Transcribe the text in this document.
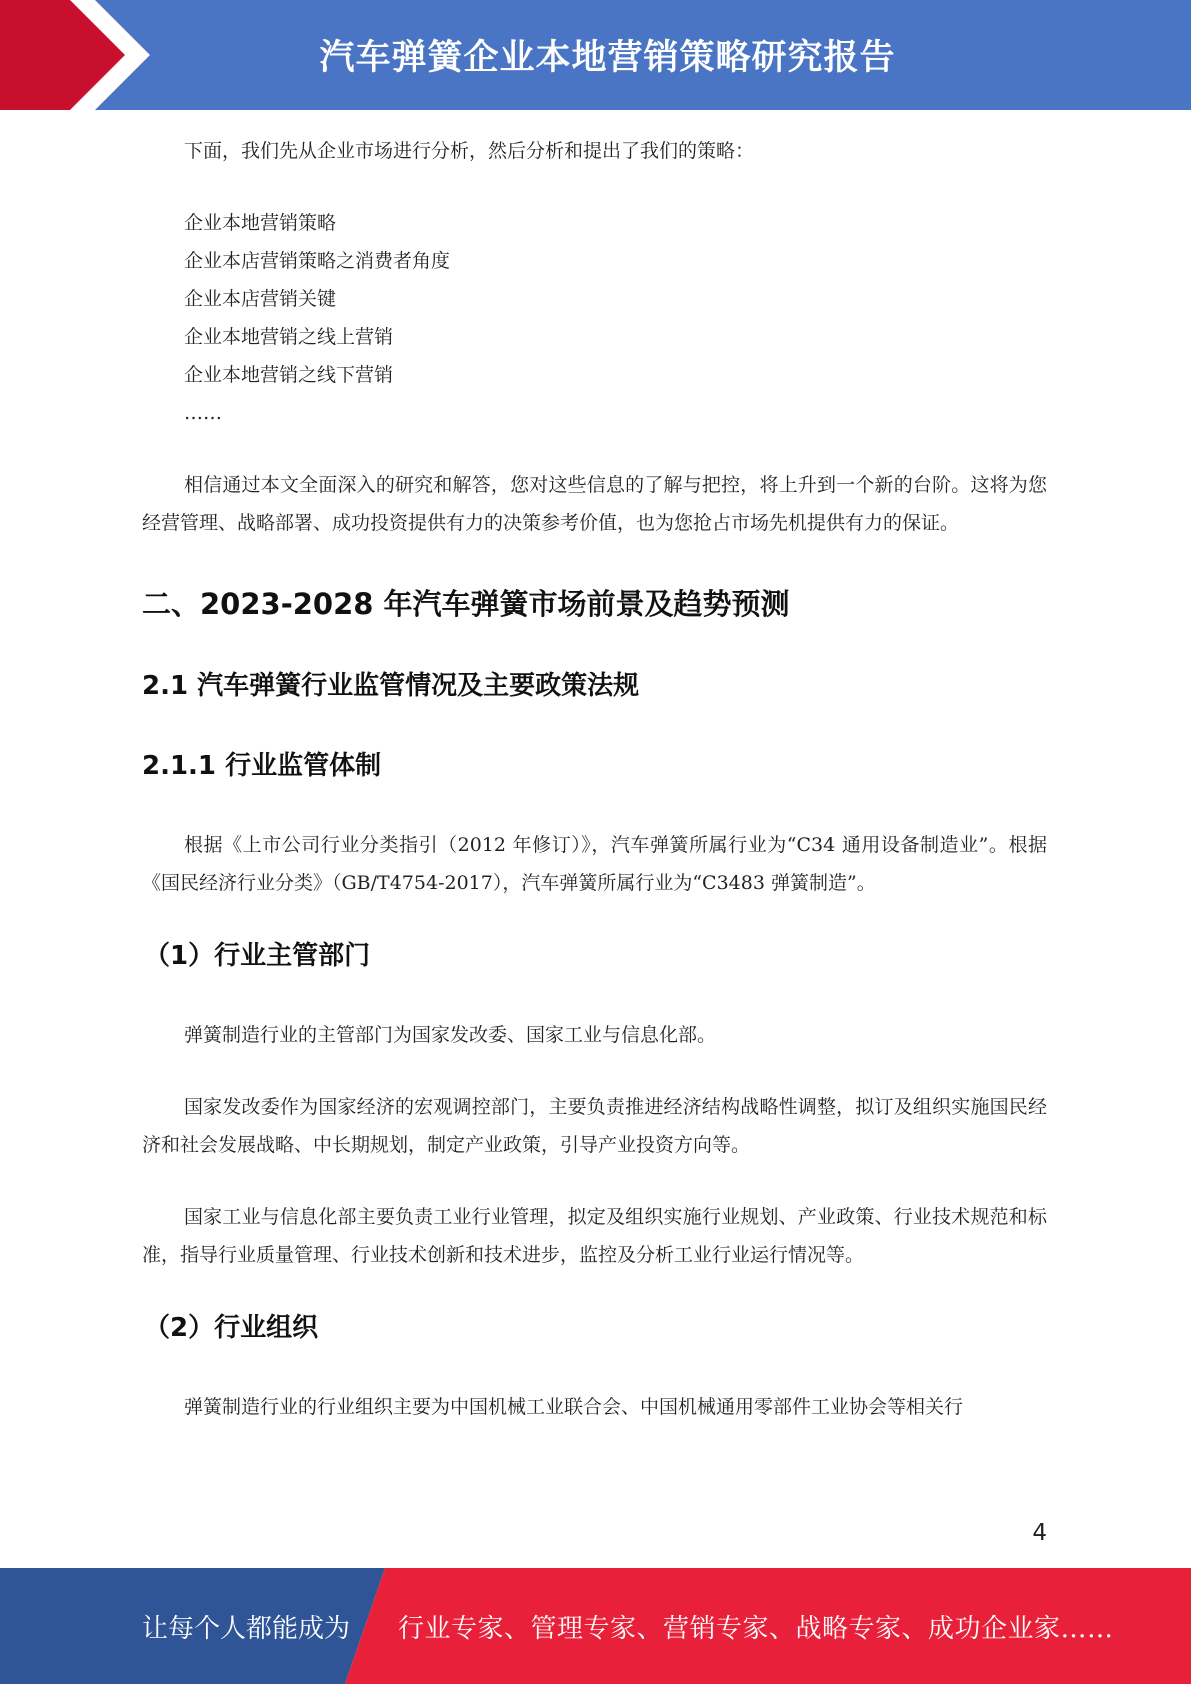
汽车弹簧企业本地营销策略研究报告

下面，我们先从企业市场进行分析，然后分析和提出了我们的策略：

企业本地营销策略
企业本店营销策略之消费者角度
企业本店营销关键
企业本地营销之线上营销
企业本地营销之线下营销
……

相信通过本文全面深入的研究和解答，您对这些信息的了解与把控，将上升到一个新的台阶。这将为您经营管理、战略部署、成功投资提供有力的决策参考价值，也为您抢占市场先机提供有力的保证。

二、2023-2028 年汽车弹簧市场前景及趋势预测
2.1 汽车弹簧行业监管情况及主要政策法规
2.1.1 行业监管体制

根据《上市公司行业分类指引（2012 年修订）》，汽车弹簧所属行业为“C34 通用设备制造业”。根据《国民经济行业分类》（GB/T4754-2017），汽车弹簧所属行业为“C3483 弹簧制造”。

（1）行业主管部门

弹簧制造行业的主管部门为国家发改委、国家工业与信息化部。

国家发改委作为国家经济的宏观调控部门，主要负责推进经济结构战略性调整，拟订及组织实施国民经济和社会发展战略、中长期规划，制定产业政策，引导产业投资方向等。

国家工业与信息化部主要负责工业行业管理，拟定及组织实施行业规划、产业政策、行业技术规范和标准，指导行业质量管理、行业技术创新和技术进步，监控及分析工业行业运行情况等。

（2）行业组织

弹簧制造行业的行业组织主要为中国机械工业联合会、中国机械通用零部件工业协会等相关行

4
让每个人都能成为 行业专家、管理专家、营销专家、战略专家、成功企业家……
